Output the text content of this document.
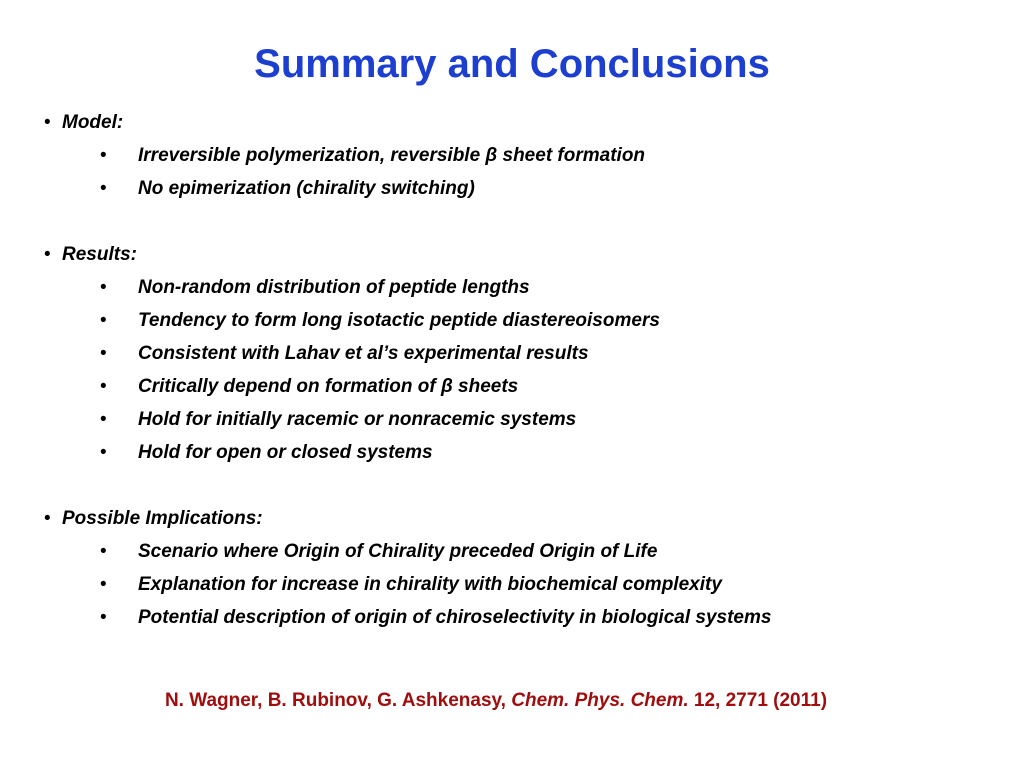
Summary and Conclusions
• Model:
•	Irreversible polymerization, reversible β sheet formation
•	No epimerization (chirality switching)
• Results:
•	Non-random distribution of peptide lengths
•	Tendency to form long isotactic peptide diastereoisomers
•	Consistent with Lahav et al’s experimental results
•	Critically depend on formation of β sheets
•	Hold for initially racemic or nonracemic systems
•	Hold for open or closed systems
• Possible Implications:
•	Scenario where Origin of Chirality preceded Origin of Life
•	Explanation for increase in chirality with biochemical complexity
•	Potential description of origin of chiroselectivity in biological systems
N. Wagner, B. Rubinov, G. Ashkenasy, Chem. Phys. Chem. 12, 2771 (2011)
